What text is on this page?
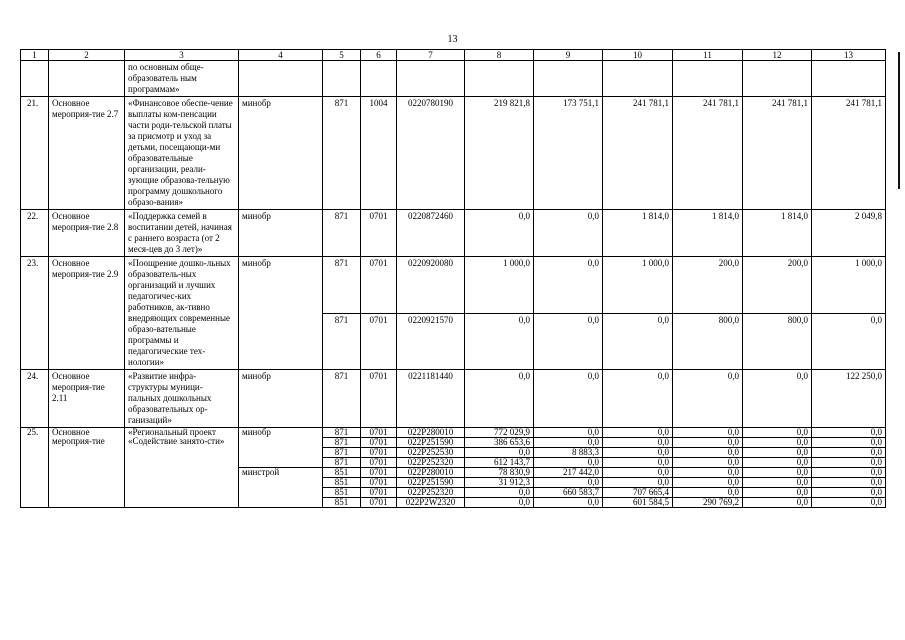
13
1	2	3	4	5	6	7	8	9	10	11	12	13
		по основным обще-образователь ным программам»										
21.	Основное мероприя-тие 2.7	«Финансовое обеспе-чение выплаты ком-пенсации части роди-тельской платы за присмотр и уход за детьми, посещающи-ми образовательные организации, реали-зующие образова-тельную программу дошкольного образо-вания»	минобр	871	1004	0220780190	219 821,8	173 751,1	241 781,1	241 781,1	241 781,1	241 781,1
22.	Основное мероприя-тие 2.8	«Поддержка семей в воспитании детей, начиная с раннего возраста (от 2 меся-цев до 3 лет)»	минобр	871	0701	0220872460	0,0	0,0	1 814,0	1 814,0	1 814,0	2 049,8
23.	Основное мероприя-тие 2.9	«Поощрение дошко-льных образователь-ных организаций и лучших педагогичес-ких работников, ак-тивно внедряющих современные образо-вательные программы и педагогические тех-нологии»	минобр	871	0701	0220920080	1 000,0	0,0	1 000,0	200,0	200,0	1 000,0
				871	0701	0220921570	0,0	0,0	0,0	800,0	800,0	0,0
24.	Основное мероприя-тие 2.11	«Развитие инфра-структуры муници-пальных дошкольных образовательных ор-ганизаций»	минобр	871	0701	0221181440	0,0	0,0	0,0	0,0	0,0	122 250,0
25.	Основное мероприя-тие	«Региональный проект «Содействие занято-сти»	минобр	871	0701	022P280010	772 029,9	0,0	0,0	0,0	0,0	0,0
				871	0701	022P251590	386 653,6	0,0	0,0	0,0	0,0	0,0
				871	0701	022P252530	0,0	8 883,3	0,0	0,0	0,0	0,0
				871	0701	022P252320	612 143,7	0,0	0,0	0,0	0,0	0,0
			минстрой	851	0701	022P280010	78 830,9	217 442,0	0,0	0,0	0,0	0,0
				851	0701	022P251590	31 912,3	0,0	0,0	0,0	0,0	0,0
				851	0701	022P252320	0,0	660 583,7	707 665,4	0,0	0,0	0,0
				851	0701	022P2W2320	0,0	0,0	601 584,5	290 769,2	0,0	0,0
